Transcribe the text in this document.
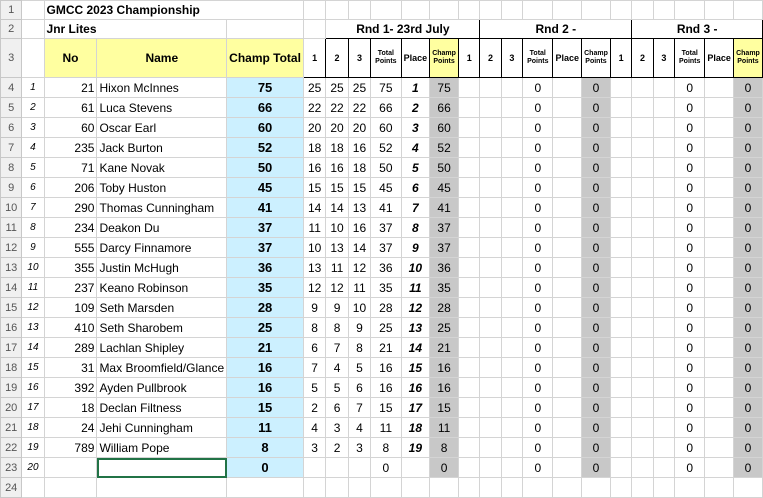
1		GMCC 2023 Championship																				
2		Jnr Lites				Rnd 1- 23rd July						Rnd 2 -						Rnd 3 -				
3		No	Name	Champ Total	1	2	3	Total Points	Place	Champ Points	1	2	3	Total Points	Place	Champ Points	1	2	3	Total Points	Place	Champ Points
4	1	21	Hixon McInnes	75	25	25	25	75	1	75				0		0				0		0
5	2	61	Luca Stevens	66	22	22	22	66	2	66				0		0				0		0
6	3	60	Oscar Earl	60	20	20	20	60	3	60				0		0				0		0
7	4	235	Jack Burton	52	18	18	16	52	4	52				0		0				0		0
8	5	71	Kane Novak	50	16	16	18	50	5	50				0		0				0		0
9	6	206	Toby Huston	45	15	15	15	45	6	45				0		0				0		0
10	7	290	Thomas Cunningham	41	14	14	13	41	7	41				0		0				0		0
11	8	234	Deakon Du	37	11	10	16	37	8	37				0		0				0		0
12	9	555	Darcy Finnamore	37	10	13	14	37	9	37				0		0				0		0
13	10	355	Justin McHugh	36	13	11	12	36	10	36				0		0				0		0
14	11	237	Keano Robinson	35	12	12	11	35	11	35				0		0				0		0
15	12	109	Seth Marsden	28	9	9	10	28	12	28				0		0				0		0
16	13	410	Seth Sharobem	25	8	8	9	25	13	25				0		0				0		0
17	14	289	Lachlan Shipley	21	6	7	8	21	14	21				0		0				0		0
18	15	31	Max Broomfield/Glance	16	7	4	5	16	15	16				0		0				0		0
19	16	392	Ayden Pullbrook	16	5	5	6	16	16	16				0		0				0		0
20	17	18	Declan Filtness	15	2	6	7	15	17	15				0		0				0		0
21	18	24	Jehi Cunningham	11	4	3	4	11	18	11				0		0				0		0
22	19	789	William Pope	8	3	2	3	8	19	8				0		0				0		0
23	20			0				0		0				0		0				0		0
24																						
